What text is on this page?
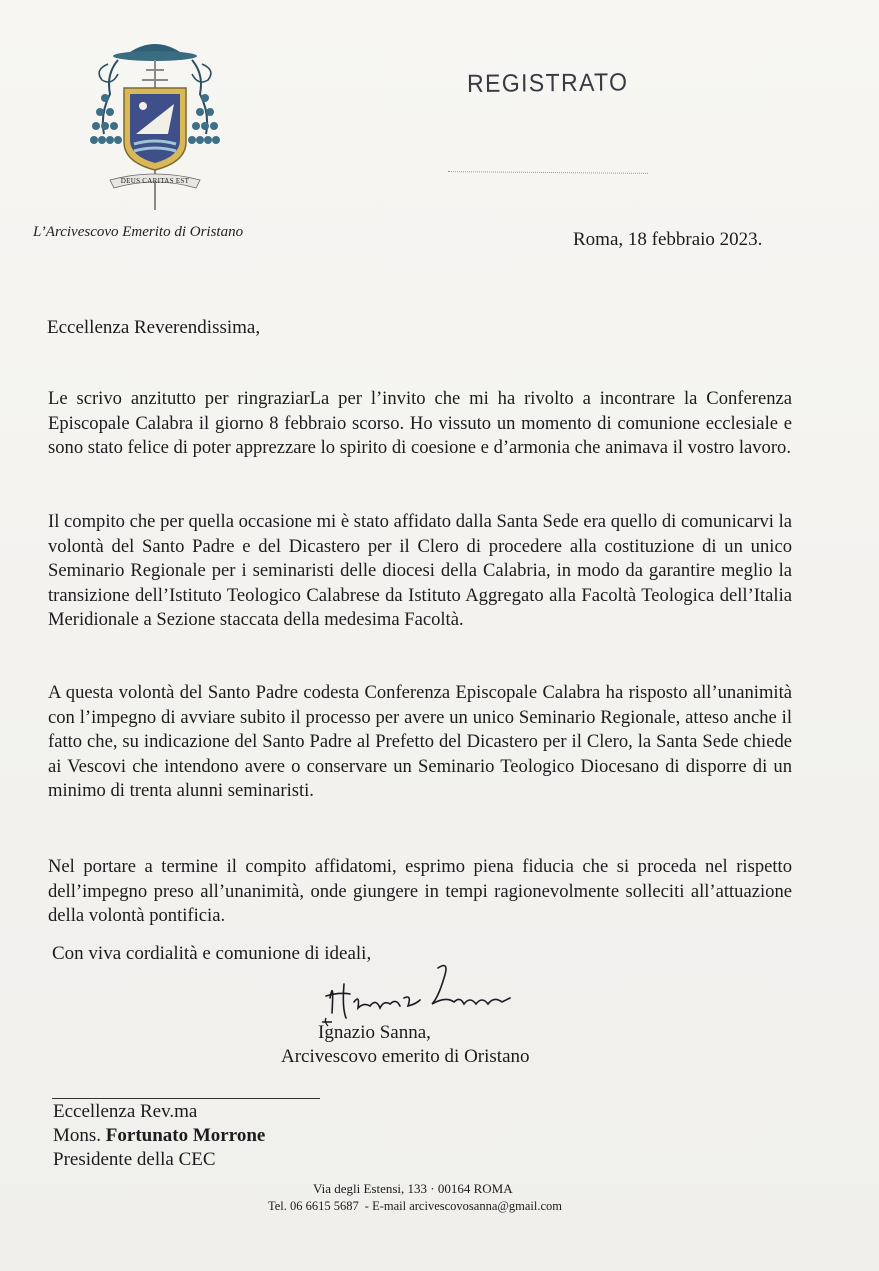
DEUS CARITAS EST
L’Arcivescovo Emerito di Oristano
REGISTRATO
Roma, 18 febbraio 2023.
Eccellenza Reverendissima,
Le scrivo anzitutto per ringraziarLa per l’invito che mi ha rivolto a incontrare la Conferenza Episcopale Calabra il giorno 8 febbraio scorso. Ho vissuto un momento di comunione ecclesiale e sono stato felice di poter apprezzare lo spirito di coesione e d’armonia che animava il vostro lavoro.
Il compito che per quella occasione mi è stato affidato dalla Santa Sede era quello di comunicarvi la volontà del Santo Padre e del Dicastero per il Clero di procedere alla costituzione di un unico Seminario Regionale per i seminaristi delle diocesi della Calabria, in modo da garantire meglio la transizione dell’Istituto Teologico Calabrese da Istituto Aggregato alla Facoltà Teologica dell’Italia Meridionale a Sezione staccata della medesima Facoltà.
A questa volontà del Santo Padre codesta Conferenza Episcopale Calabra ha risposto all’unanimità con l’impegno di avviare subito il processo per avere un unico Seminario Regionale, atteso anche il fatto che, su indicazione del Santo Padre al Prefetto del Dicastero per il Clero, la Santa Sede chiede ai Vescovi che intendono avere o conservare un Seminario Teologico Diocesano di disporre di un minimo di trenta alunni seminaristi.
Nel portare a termine il compito affidatomi, esprimo piena fiducia che si proceda nel rispetto dell’impegno preso all’unanimità, onde giungere in tempi ragionevolmente solleciti all’attuazione della volontà pontificia.
Con viva cordialità e comunione di ideali,
Ignazio Sanna,
Arcivescovo emerito di Oristano
Eccellenza Rev.ma
Mons. Fortunato Morrone
Presidente della CEC
Via degli Estensi, 133 · 00164 ROMA
Tel. 06 6615 5687 - E-mail arcivescovosanna@gmail.com
